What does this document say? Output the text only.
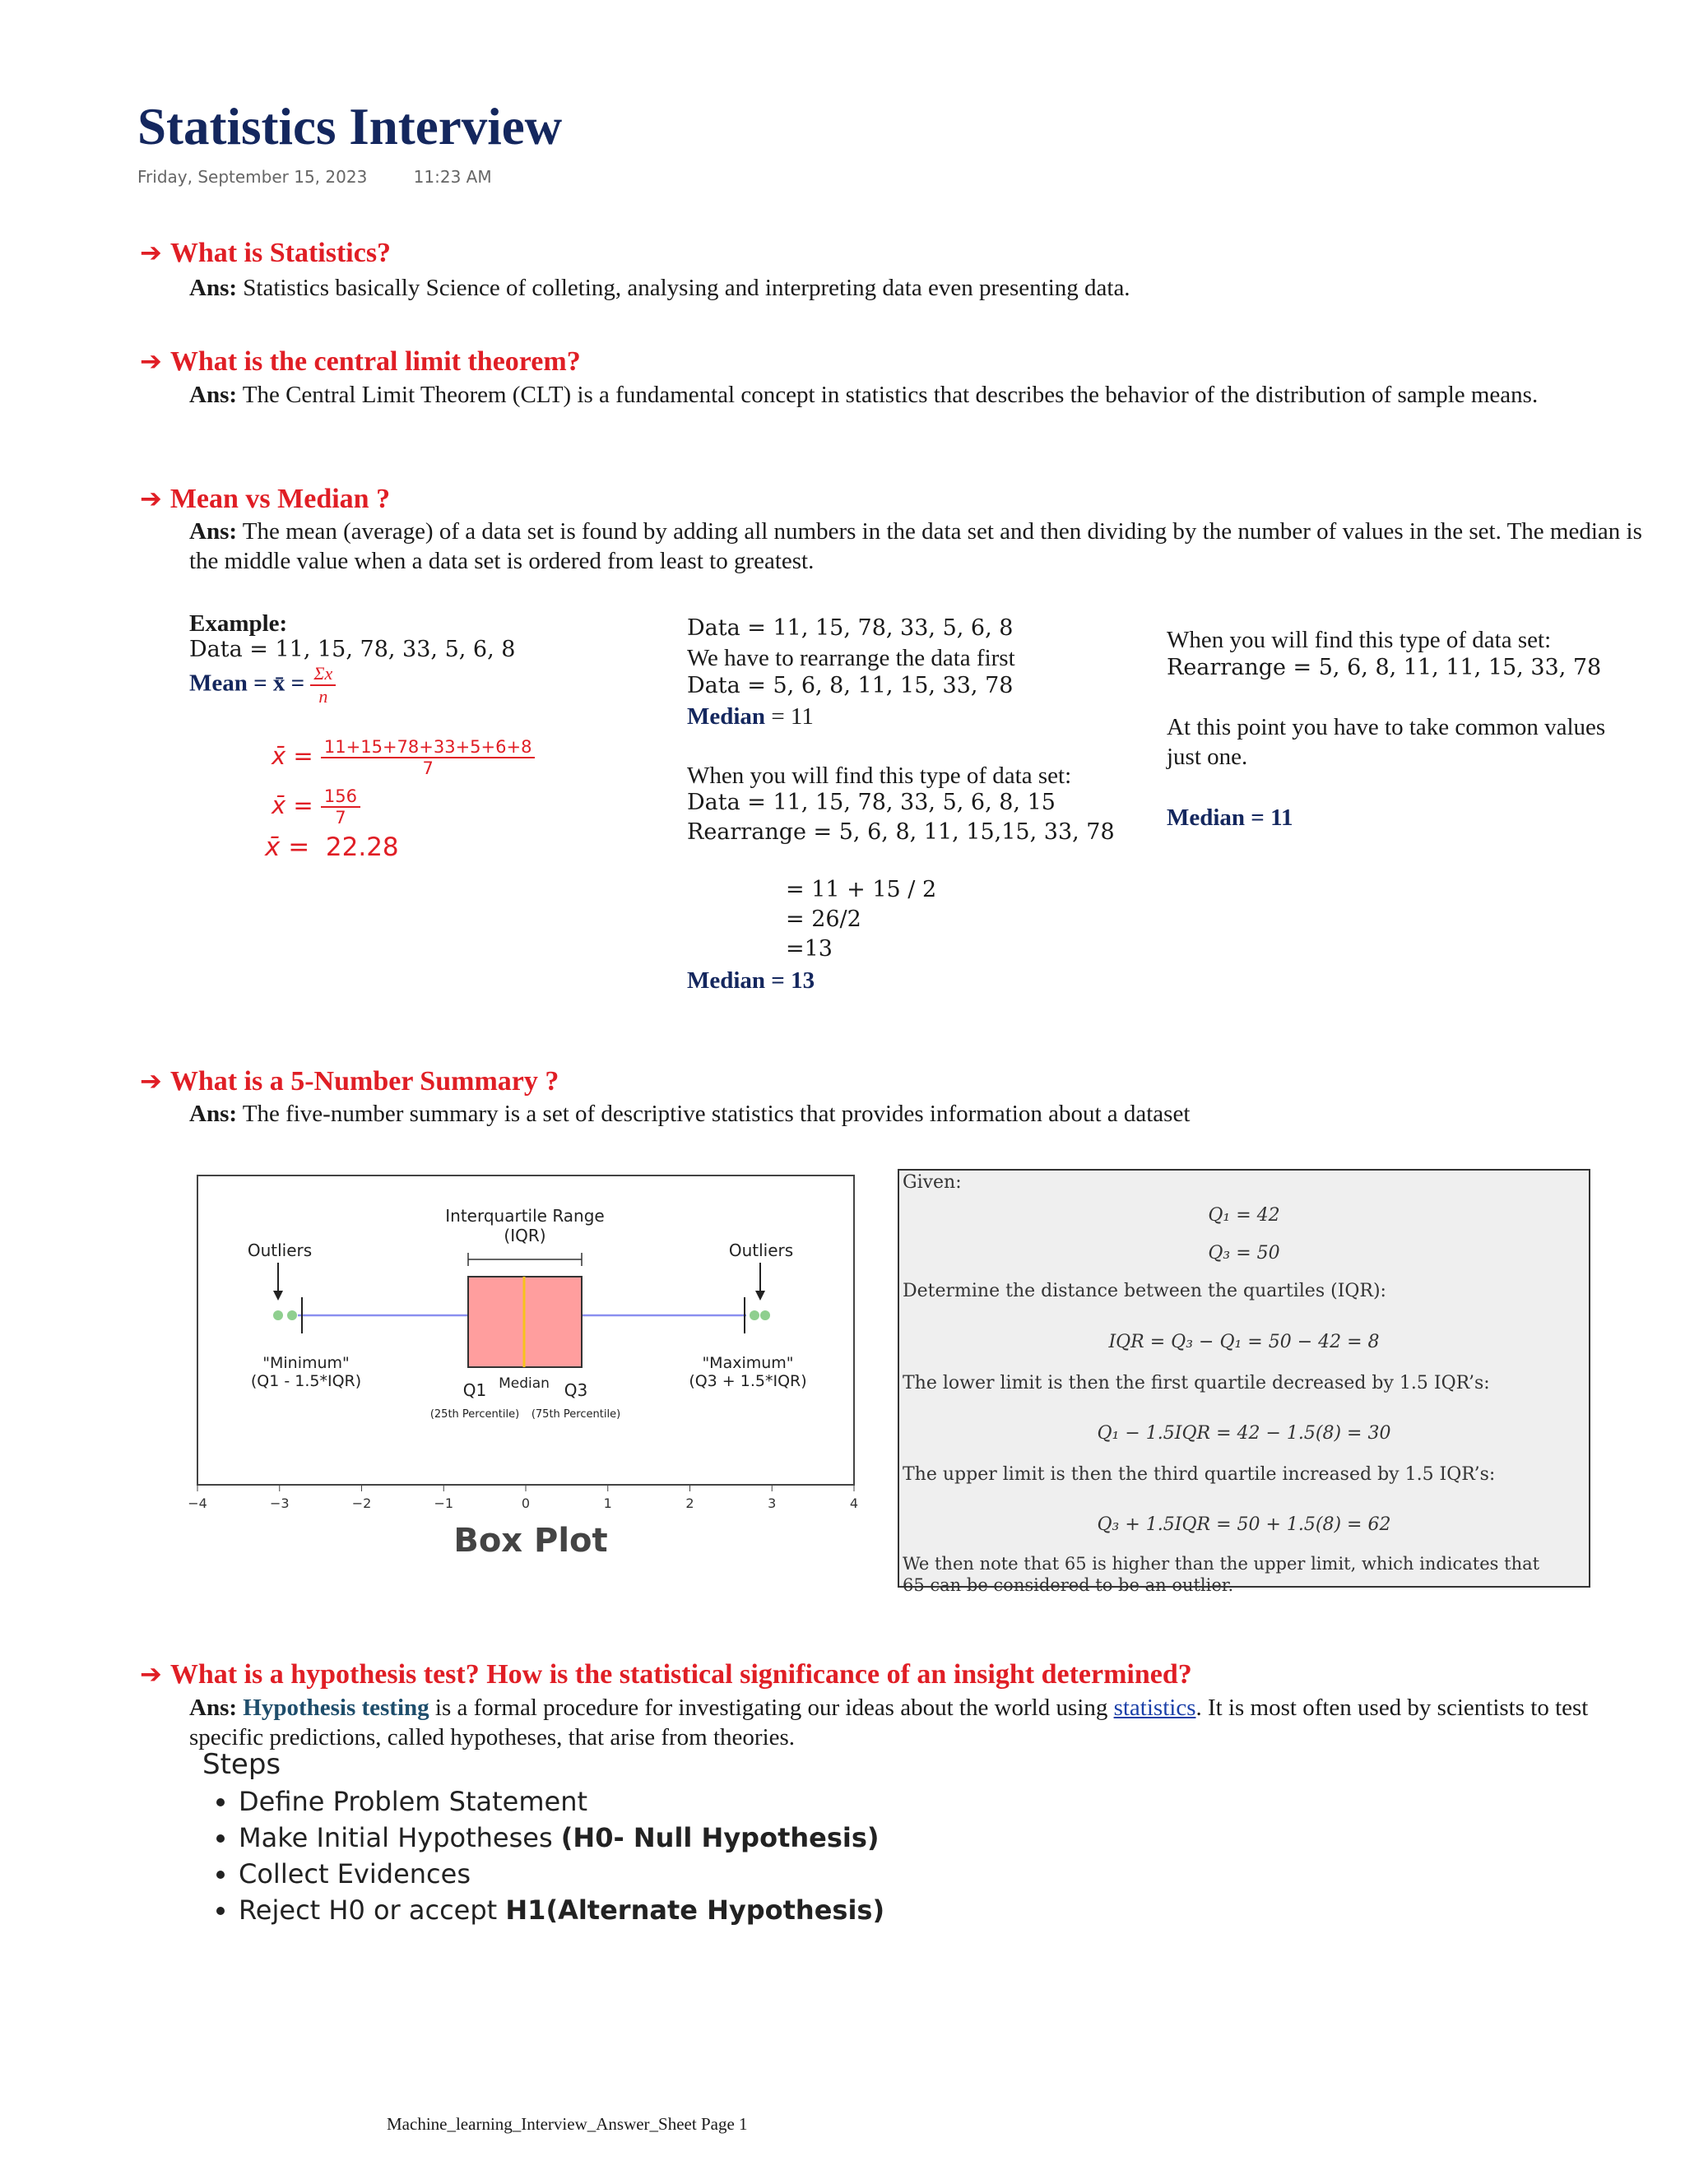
Statistics Interview
Friday, September 15, 2023	11:23 AM
➔ What is Statistics?
Ans: Statistics basically Science of colleting, analysing and interpreting data even presenting data.
➔ What is the central limit theorem?
Ans: The Central Limit Theorem (CLT) is a fundamental concept in statistics that describes the behavior of the distribution of sample means.
➔ Mean vs Median ?
Ans: The mean (average) of a data set is found by adding all numbers in the data set and then dividing by the number of values in the set. The median is the middle value when a data set is ordered from least to greatest.
Example:
Data = 11, 15, 78, 33, 5, 6, 8
Mean = x̄ = $\frac{\Sigma x}{n}$
x̄ = $\frac{11+15+78+33+5+6+8}{7}$
x̄ = $\frac{156}{7}$
x̄ = 22.28
Data = 11, 15, 78, 33, 5, 6, 8
We have to rearrange the data first
Data = 5, 6, 8, 11, 15, 33, 78
Median = 11
When you will find this type of data set:
Data = 11, 15, 78, 33, 5, 6, 8, 15
Rearrange = 5, 6, 8, 11, 15,15, 33, 78
= 11 + 15 / 2
= 26/2
=13
Median = 13
When you will find this type of data set:
Rearrange = 5, 6, 8, 11, 11, 15, 33, 78
At this point you have to take common values just one.
Median = 11
➔ What is a 5-Number Summary ?
Ans: The five-number summary is a set of descriptive statistics that provides information about a dataset
Interquartile Range
(IQR)
Outliers	Outliers
"Minimum"
(Q1 - 1.5*IQR)
"Maximum"
(Q3 + 1.5*IQR)
Q1 Median Q3
(25th Percentile) (75th Percentile)
−4	−3	−2	−1	0	1	2	3	4
Box Plot
Given:
Q₁ = 42
Q₃ = 50
Determine the distance between the quartiles (IQR):
IQR = Q₃ − Q₁ = 50 − 42 = 8
The lower limit is then the first quartile decreased by 1.5 IQR’s:
Q₁ − 1.5IQR = 42 − 1.5(8) = 30
The upper limit is then the third quartile increased by 1.5 IQR’s:
Q₃ + 1.5IQR = 50 + 1.5(8) = 62
We then note that 65 is higher than the upper limit, which indicates that
65 can be considered to be an outlier.
➔ What is a hypothesis test? How is the statistical significance of an insight determined?
Ans: Hypothesis testing is a formal procedure for investigating our ideas about the world using statistics. It is most often used by scientists to test specific predictions, called hypotheses, that arise from theories.
Steps
• Define Problem Statement
• Make Initial Hypotheses (H0- Null Hypothesis)
• Collect Evidences
• Reject H0 or accept H1(Alternate Hypothesis)
Machine_learning_Interview_Answer_Sheet Page 1
